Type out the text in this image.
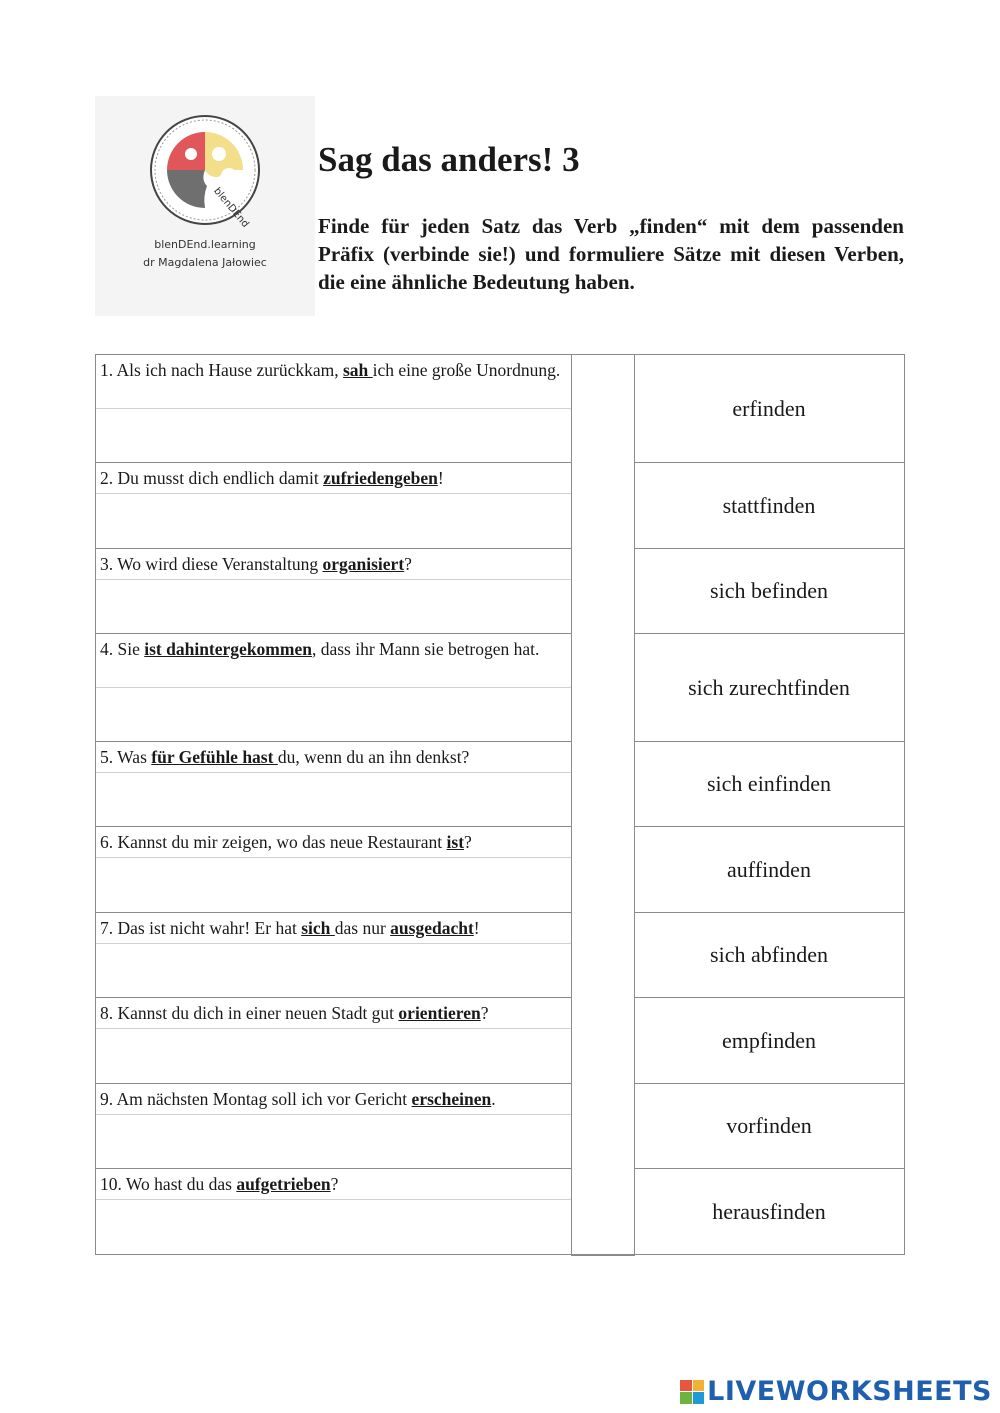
blenDEnd
blenDEnd.learning
dr Magdalena Jałowiec
Sag das anders! 3

Finde für jeden Satz das Verb „finden“ mit dem passenden Präfix (verbinde sie!) und formuliere Sätze mit diesen Verben, die eine ähnliche Bedeutung haben.

1. Als ich nach Hause zurückkam, sah ich eine große Unordnung.
2. Du musst dich endlich damit zufriedengeben!
3. Wo wird diese Veranstaltung organisiert?
4. Sie ist dahintergekommen, dass ihr Mann sie betrogen hat.
5. Was für Gefühle hast du, wenn du an ihn denkst?
6. Kannst du mir zeigen, wo das neue Restaurant ist?
7. Das ist nicht wahr! Er hat sich das nur ausgedacht!
8. Kannst du dich in einer neuen Stadt gut orientieren?
9. Am nächsten Montag soll ich vor Gericht erscheinen.
10. Wo hast du das aufgetrieben?
erfinden
stattfinden
sich befinden
sich zurechtfinden
sich einfinden
auffinden
sich abfinden
empfinden
vorfinden
herausfinden
LIVEWORKSHEETS
